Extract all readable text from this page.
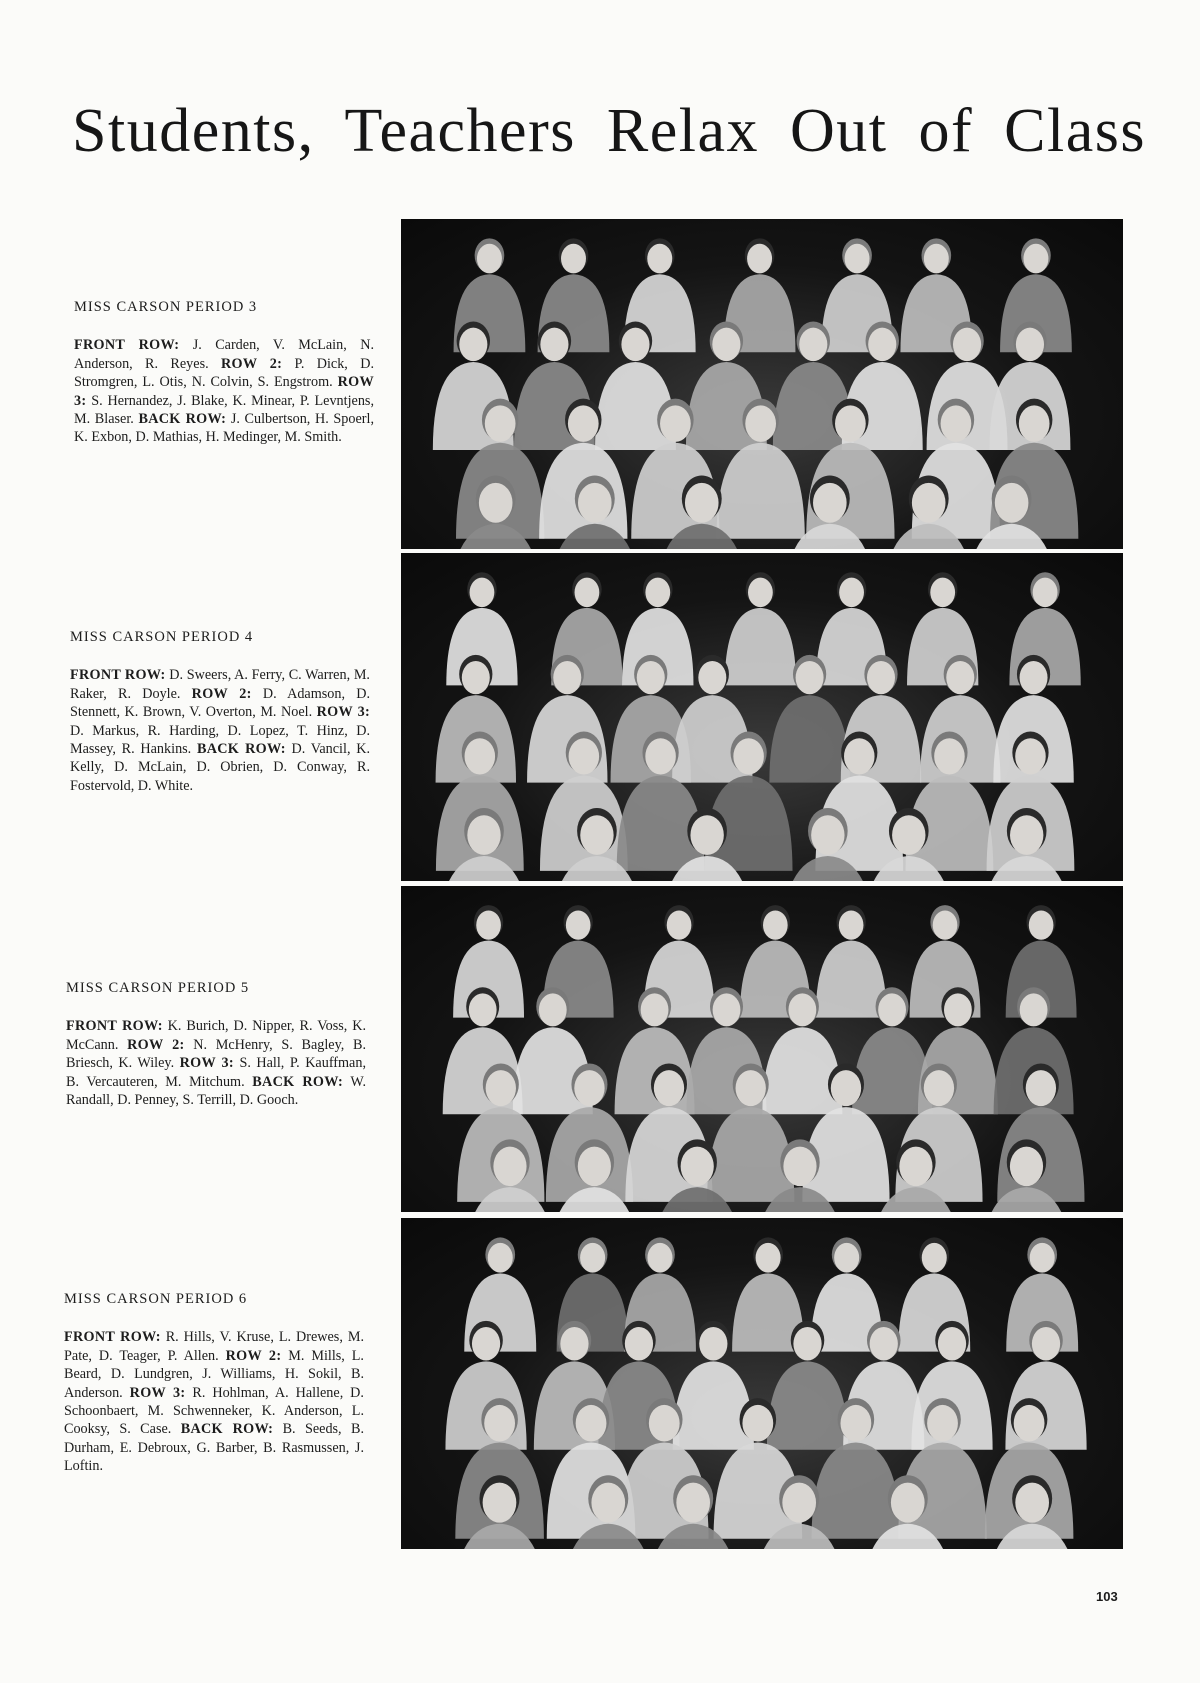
Students, Teachers Relax Out of Class
MISS CARSON PERIOD 3
FRONT ROW: J. Carden, V. McLain, N. Anderson, R. Reyes. ROW 2: P. Dick, D. Stromgren, L. Otis, N. Colvin, S. Engstrom. ROW 3: S. Hernandez, J. Blake, K. Minear, P. Levntjens, M. Blaser. BACK ROW: J. Culbertson, H. Spoerl, K. Exbon, D. Mathias, H. Medinger, M. Smith.
MISS CARSON PERIOD 4
FRONT ROW: D. Sweers, A. Ferry, C. Warren, M. Raker, R. Doyle. ROW 2: D. Adamson, D. Stennett, K. Brown, V. Overton, M. Noel. ROW 3: D. Markus, R. Harding, D. Lopez, T. Hinz, D. Massey, R. Hankins. BACK ROW: D. Vancil, K. Kelly, D. McLain, D. Obrien, D. Conway, R. Fostervold, D. White.
MISS CARSON PERIOD 5
FRONT ROW: K. Burich, D. Nipper, R. Voss, K. McCann. ROW 2: N. McHenry, S. Bagley, B. Briesch, K. Wiley. ROW 3: S. Hall, P. Kauffman, B. Vercauteren, M. Mitchum. BACK ROW: W. Randall, D. Penney, S. Terrill, D. Gooch.
MISS CARSON PERIOD 6
FRONT ROW: R. Hills, V. Kruse, L. Drewes, M. Pate, D. Teager, P. Allen. ROW 2: M. Mills, L. Beard, D. Lundgren, J. Williams, H. Sokil, B. Anderson. ROW 3: R. Hohlman, A. Hallene, D. Schoonbaert, M. Schwenneker, K. Anderson, L. Cooksy, S. Case. BACK ROW: B. Seeds, B. Durham, E. Debroux, G. Barber, B. Rasmussen, J. Loftin.
103
